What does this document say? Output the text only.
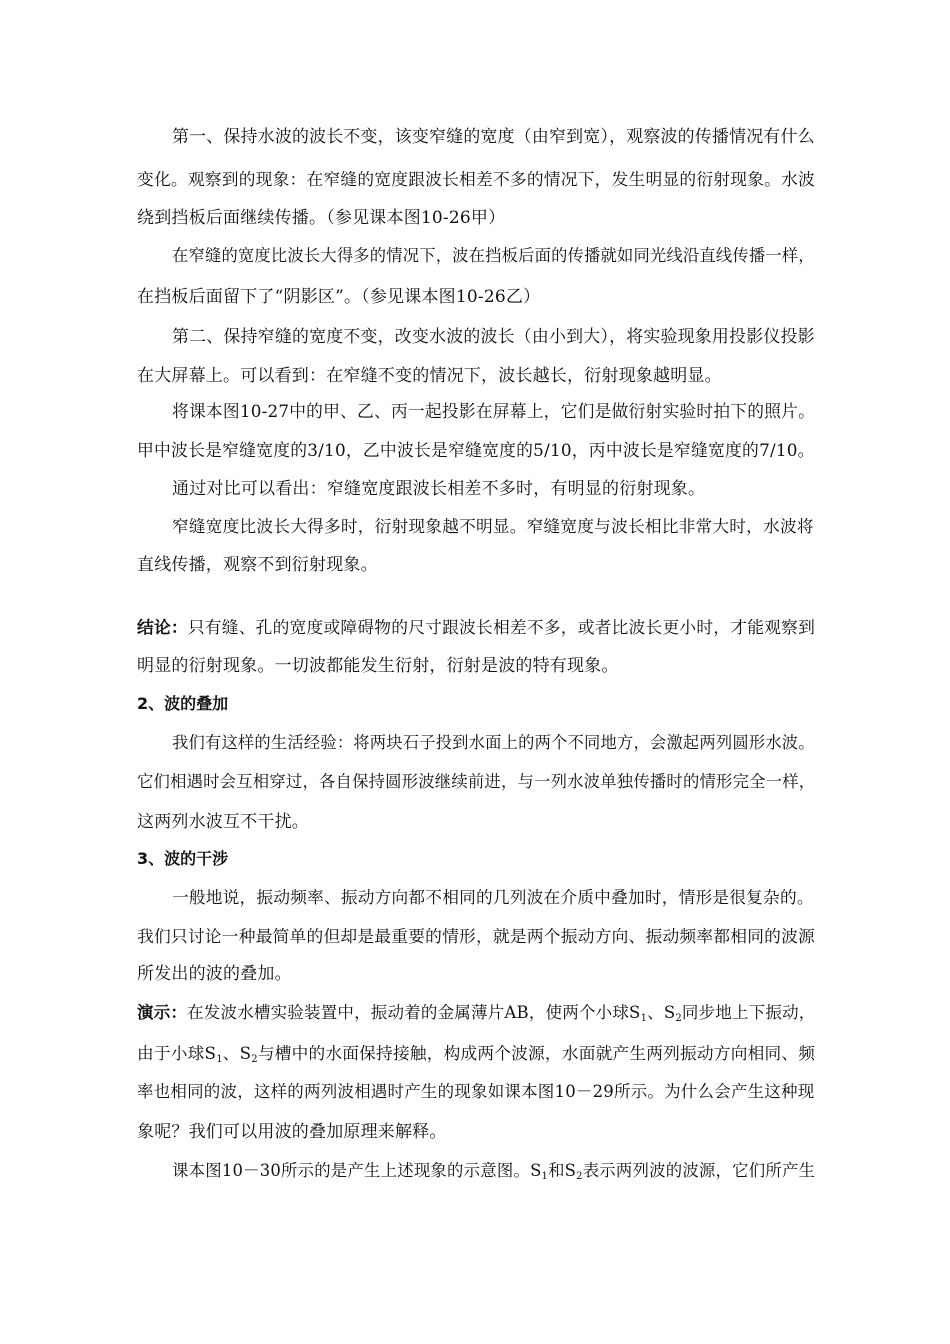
第一、保持水波的波长不变，该变窄缝的宽度（由窄到宽），观察波的传播情况有什么

变化。观察到的现象：在窄缝的宽度跟波长相差不多的情况下，发生明显的衍射现象。水波

绕到挡板后面继续传播。（参见课本图10-26甲）

在窄缝的宽度比波长大得多的情况下，波在挡板后面的传播就如同光线沿直线传播一样，

在挡板后面留下了“阴影区”。（参见课本图10-26乙）

第二、保持窄缝的宽度不变，改变水波的波长（由小到大），将实验现象用投影仪投影

在大屏幕上。可以看到：在窄缝不变的情况下，波长越长，衍射现象越明显。

将课本图10-27中的甲、乙、丙一起投影在屏幕上，它们是做衍射实验时拍下的照片。

甲中波长是窄缝宽度的3/10，乙中波长是窄缝宽度的5/10，丙中波长是窄缝宽度的7/10。

通过对比可以看出：窄缝宽度跟波长相差不多时，有明显的衍射现象。

窄缝宽度比波长大得多时，衍射现象越不明显。窄缝宽度与波长相比非常大时，水波将

直线传播，观察不到衍射现象。

结论：只有缝、孔的宽度或障碍物的尺寸跟波长相差不多，或者比波长更小时，才能观察到

明显的衍射现象。一切波都能发生衍射，衍射是波的特有现象。

2、波的叠加

我们有这样的生活经验：将两块石子投到水面上的两个不同地方，会激起两列圆形水波。

它们相遇时会互相穿过，各自保持圆形波继续前进，与一列水波单独传播时的情形完全一样，

这两列水波互不干扰。

3、波的干涉

一般地说，振动频率、振动方向都不相同的几列波在介质中叠加时，情形是很复杂的。

我们只讨论一种最简单的但却是最重要的情形，就是两个振动方向、振动频率都相同的波源

所发出的波的叠加。

演示：在发波水槽实验装置中，振动着的金属薄片AB，使两个小球$S_1$、$S_2$同步地上下振动，

由于小球$S_1$、$S_2$与槽中的水面保持接触，构成两个波源，水面就产生两列振动方向相同、频

率也相同的波，这样的两列波相遇时产生的现象如课本图10－29所示。为什么会产生这种现

象呢？我们可以用波的叠加原理来解释。

课本图10－30所示的是产生上述现象的示意图。$S_1$和$S_2$表示两列波的波源，它们所产生
